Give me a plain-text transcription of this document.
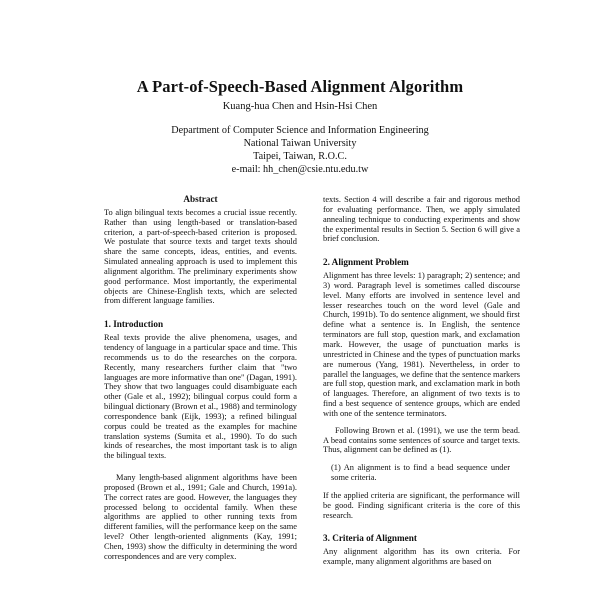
A Part-of-Speech-Based Alignment Algorithm
Kuang-hua Chen and Hsin-Hsi Chen
Department of Computer Science and Information Engineering
National Taiwan University
Taipei, Taiwan, R.O.C.
e-mail: hh_chen@csie.ntu.edu.tw
Abstract

To align bilingual texts becomes a crucial issue recently. Rather than using length-based or translation-based criterion, a part-of-speech-based criterion is proposed. We postulate that source texts and target texts should share the same concepts, ideas, entities, and events. Simulated annealing approach is used to implement this alignment algorithm. The preliminary experiments show good performance. Most importantly, the experimental objects are Chinese-English texts, which are selected from different language families.

1. Introduction

Real texts provide the alive phenomena, usages, and tendency of language in a particular space and time. This recommends us to do the researches on the corpora. Recently, many researchers further claim that "two languages are more informative than one" (Dagan, 1991). They show that two languages could disambiguate each other (Gale et al., 1992); bilingual corpus could form a bilingual dictionary (Brown et al., 1988) and terminology correspondence bank (Eijk, 1993); a refined bilingual corpus could be treated as the examples for machine translation systems (Sumita et al., 1990). To do such kinds of researches, the most important task is to align the bilingual texts.

Many length-based alignment algorithms have been proposed (Brown et al., 1991; Gale and Church, 1991a). The correct rates are good. However, the languages they processed belong to occidental family. When these algorithms are applied to other running texts from different families, will the performance keep on the same level? Other length-oriented alignments (Kay, 1991; Chen, 1993) show the difficulty in determining the word correspondences and are very complex.

texts. Section 4 will describe a fair and rigorous method for evaluating performance. Then, we apply simulated annealing technique to conducting experiments and show the experimental results in Section 5. Section 6 will give a brief conclusion.

2. Alignment Problem

Alignment has three levels: 1) paragraph; 2) sentence; and 3) word. Paragraph level is sometimes called discourse level. Many efforts are involved in sentence level and lesser researches touch on the word level (Gale and Church, 1991b). To do sentence alignment, we should first define what a sentence is. In English, the sentence terminators are full stop, question mark, and exclamation mark. However, the usage of punctuation marks is unrestricted in Chinese and the types of punctuation marks are numerous (Yang, 1981). Nevertheless, in order to parallel the languages, we define that the sentence markers are full stop, question mark, and exclamation mark in both of languages. Therefore, an alignment of two texts is to find a best sequence of sentence groups, which are ended with one of the sentence terminators.

Following Brown et al. (1991), we use the term bead. A bead contains some sentences of source and target texts. Thus, alignment can be defined as (1).

(1) An alignment is to find a bead sequence under some criteria.

If the applied criteria are significant, the performance will be good. Finding significant criteria is the core of this research.

3. Criteria of Alignment

Any alignment algorithm has its own criteria. For example, many alignment algorithms are based on
